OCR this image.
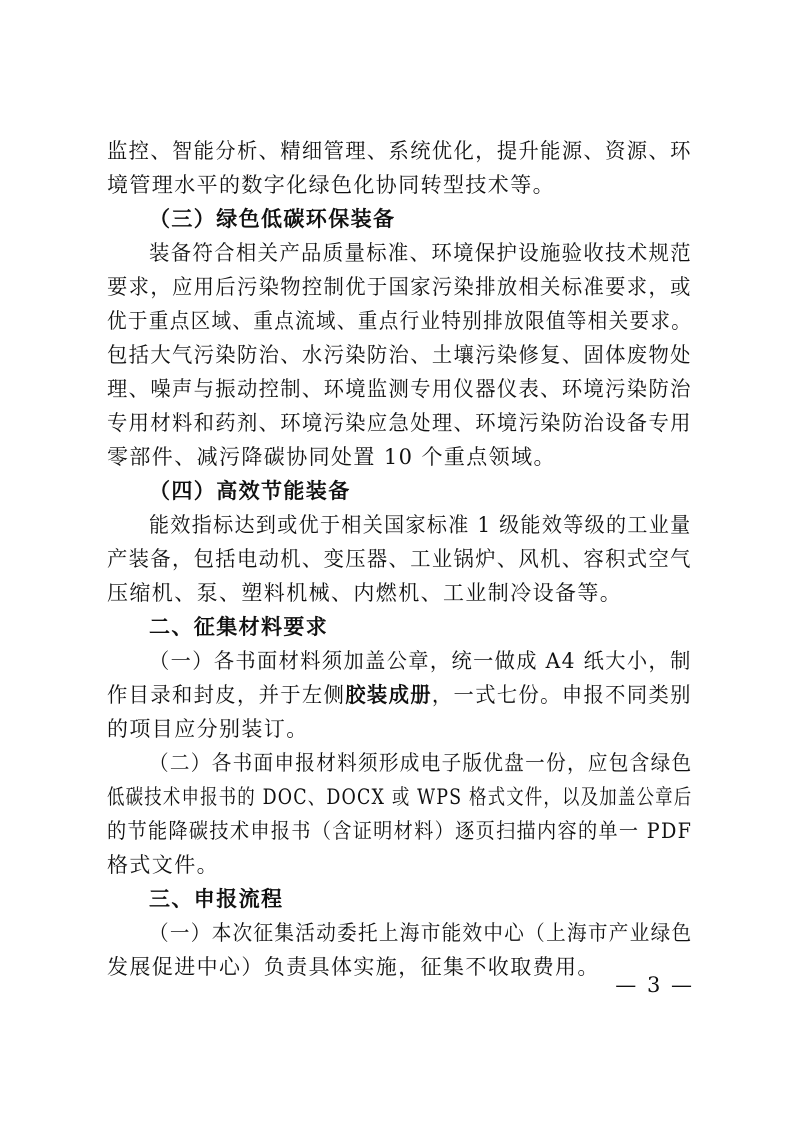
监控、智能分析、精细管理、系统优化，提升能源、资源、环
境管理水平的数字化绿色化协同转型技术等。
（三）绿色低碳环保装备
装备符合相关产品质量标准、环境保护设施验收技术规范
要求，应用后污染物控制优于国家污染排放相关标准要求，或
优于重点区域、重点流域、重点行业特别排放限值等相关要求。
包括大气污染防治、水污染防治、土壤污染修复、固体废物处
理、噪声与振动控制、环境监测专用仪器仪表、环境污染防治
专用材料和药剂、环境污染应急处理、环境污染防治设备专用
零部件、减污降碳协同处置 10 个重点领域。
（四）高效节能装备
能效指标达到或优于相关国家标准 1 级能效等级的工业量
产装备，包括电动机、变压器、工业锅炉、风机、容积式空气
压缩机、泵、塑料机械、内燃机、工业制冷设备等。
二、征集材料要求
（一）各书面材料须加盖公章，统一做成 A4 纸大小，制
作目录和封皮，并于左侧胶装成册，一式七份。申报不同类别
的项目应分别装订。
（二）各书面申报材料须形成电子版优盘一份，应包含绿色
低碳技术申报书的 DOC、DOCX 或 WPS 格式文件，以及加盖公章后
的节能降碳技术申报书（含证明材料）逐页扫描内容的单一 PDF
格式文件。
三、申报流程
（一）本次征集活动委托上海市能效中心（上海市产业绿色
发展促进中心）负责具体实施，征集不收取费用。
— 3 —
